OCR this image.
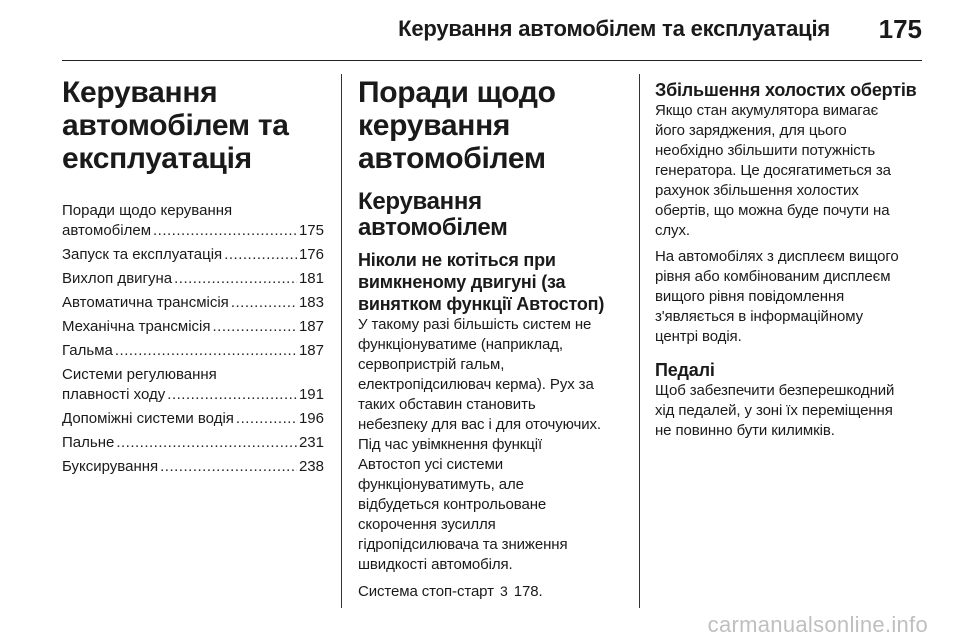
Керування автомобілем та експлуатація 175
Керування
автомобілем та
експлуатація
Поради щодо керування
автомобілем .....	175
Запуск та експлуатація .....	176
Вихлоп двигуна .....	181
Автоматична трансмісія .....	183
Механічна трансмісія .....	187
Гальма .....	187
Системи регулювання
плавності ходу .....	191
Допоміжні системи водія .....	196
Пальне .....	231
Буксирування .....	238
Поради щодо
керування
автомобілем
Керування автомобілем
Ніколи не котіться при
вимкненому двигуні (за
винятком функції Автостоп)

У такому разі більшість систем не
функціонуватиме (наприклад,
сервопристрій гальм,
електропідсилювач керма). Рух за
таких обставин становить
небезпеку для вас і для оточуючих.
Під час увімкнення функції
Автостоп усі системи
функціонуватимуть, але
відбудеться контрольоване
скорочення зусилля
гідропідсилювача та зниження
швидкості автомобіля.

Система стоп-старт 3 178.

Збільшення холостих обертів

Якщо стан акумулятора вимагає
його заряджения, для цього
необхідно збільшити потужність
генератора. Це досягатиметься за
рахунок збільшення холостих
обертів, що можна буде почути на
слух.

На автомобілях з дисплеєм вищого
рівня або комбінованим дисплеєм
вищого рівня повідомлення
з'являється в інформаційному
центрі водія.

Педалі

Щоб забезпечити безперешкодний
хід педалей, у зоні їх переміщення
не повинно бути килимків.

carmanualsonline.info
